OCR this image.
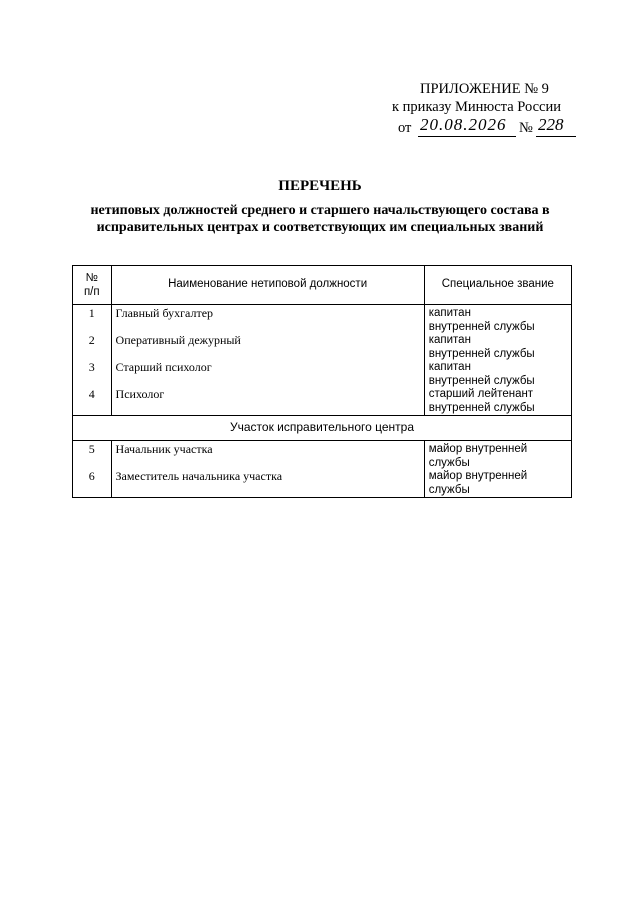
ПРИЛОЖЕНИЕ № 9
к приказу Минюста России
от 20.08.2026 № 228
ПЕРЕЧЕНЬ
нетиповых должностей среднего и старшего начальствующего состава в исправительных центрах и соответствующих им специальных званий
№
п/п	Наименование нетиповой должности	Специальное звание
1	Главный бухгалтер	капитан
внутренней службы

2	Оперативный дежурный	капитан
внутренней службы

3	Старший психолог	капитан
внутренней службы

4	Психолог	старший лейтенант
внутренней службы

Участок исправительного центра		
5	Начальник участка	майор внутренней
службы

6	Заместитель начальника участка	майор внутренней
службы
